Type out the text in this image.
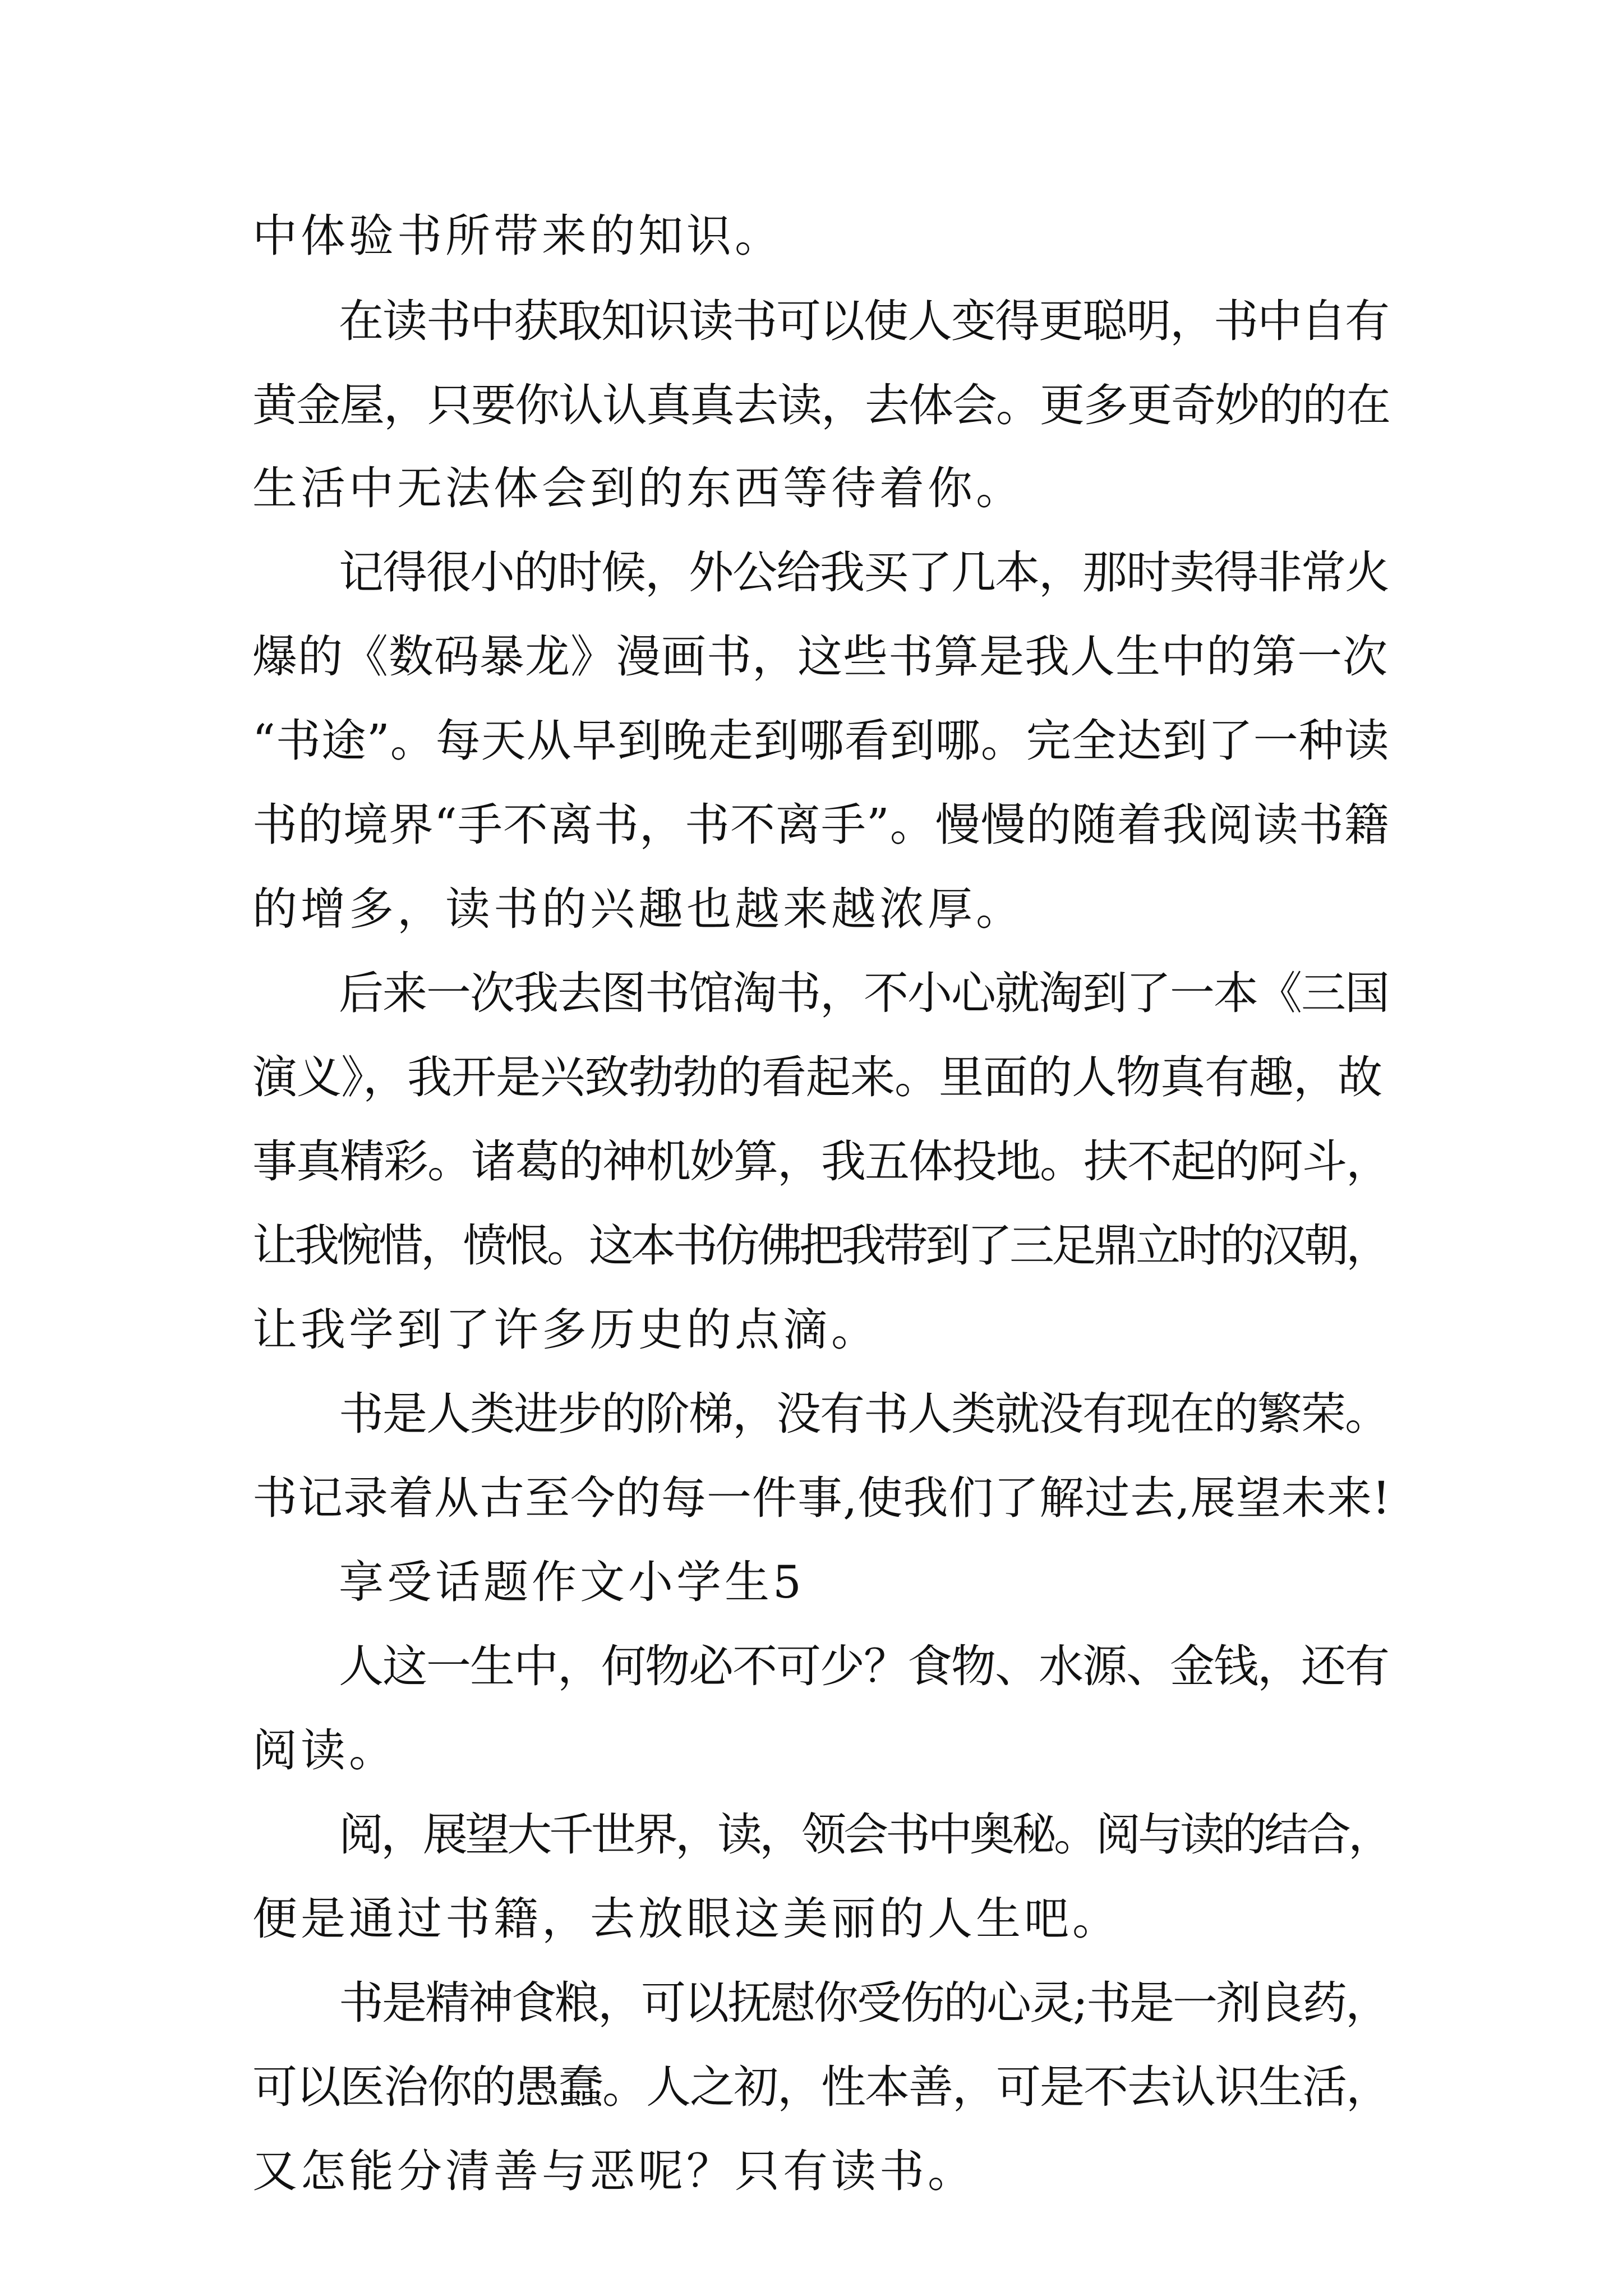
中体验书所带来的知识。
在读书中获取知识读书可以使人变得更聪明，书中自有
黄金屋，只要你认认真真去读，去体会。更多更奇妙的的在
生活中无法体会到的东西等待着你。
记得很小的时候，外公给我买了几本，那时卖得非常火
爆的《数码暴龙》漫画书，这些书算是我人生中的第一次
“书途”。每天从早到晚走到哪看到哪。完全达到了一种读
书的境界“手不离书，书不离手”。慢慢的随着我阅读书籍
的增多，读书的兴趣也越来越浓厚。
后来一次我去图书馆淘书，不小心就淘到了一本《三国
演义》，我开是兴致勃勃的看起来。里面的人物真有趣，故
事真精彩。诸葛的神机妙算，我五体投地。扶不起的阿斗，
让我惋惜，愤恨。这本书仿佛把我带到了三足鼎立时的汉朝，
让我学到了许多历史的点滴。
书是人类进步的阶梯，没有书人类就没有现在的繁荣。
书记录着从古至今的每一件事,使我们了解过去,展望未来!
享受话题作文小学生5
人这一生中，何物必不可少？食物、水源、金钱，还有
阅读。
阅，展望大千世界，读，领会书中奥秘。阅与读的结合，
便是通过书籍，去放眼这美丽的人生吧。
书是精神食粮，可以抚慰你受伤的心灵;书是一剂良药，
可以医治你的愚蠢。人之初，性本善，可是不去认识生活，
又怎能分清善与恶呢？只有读书。
